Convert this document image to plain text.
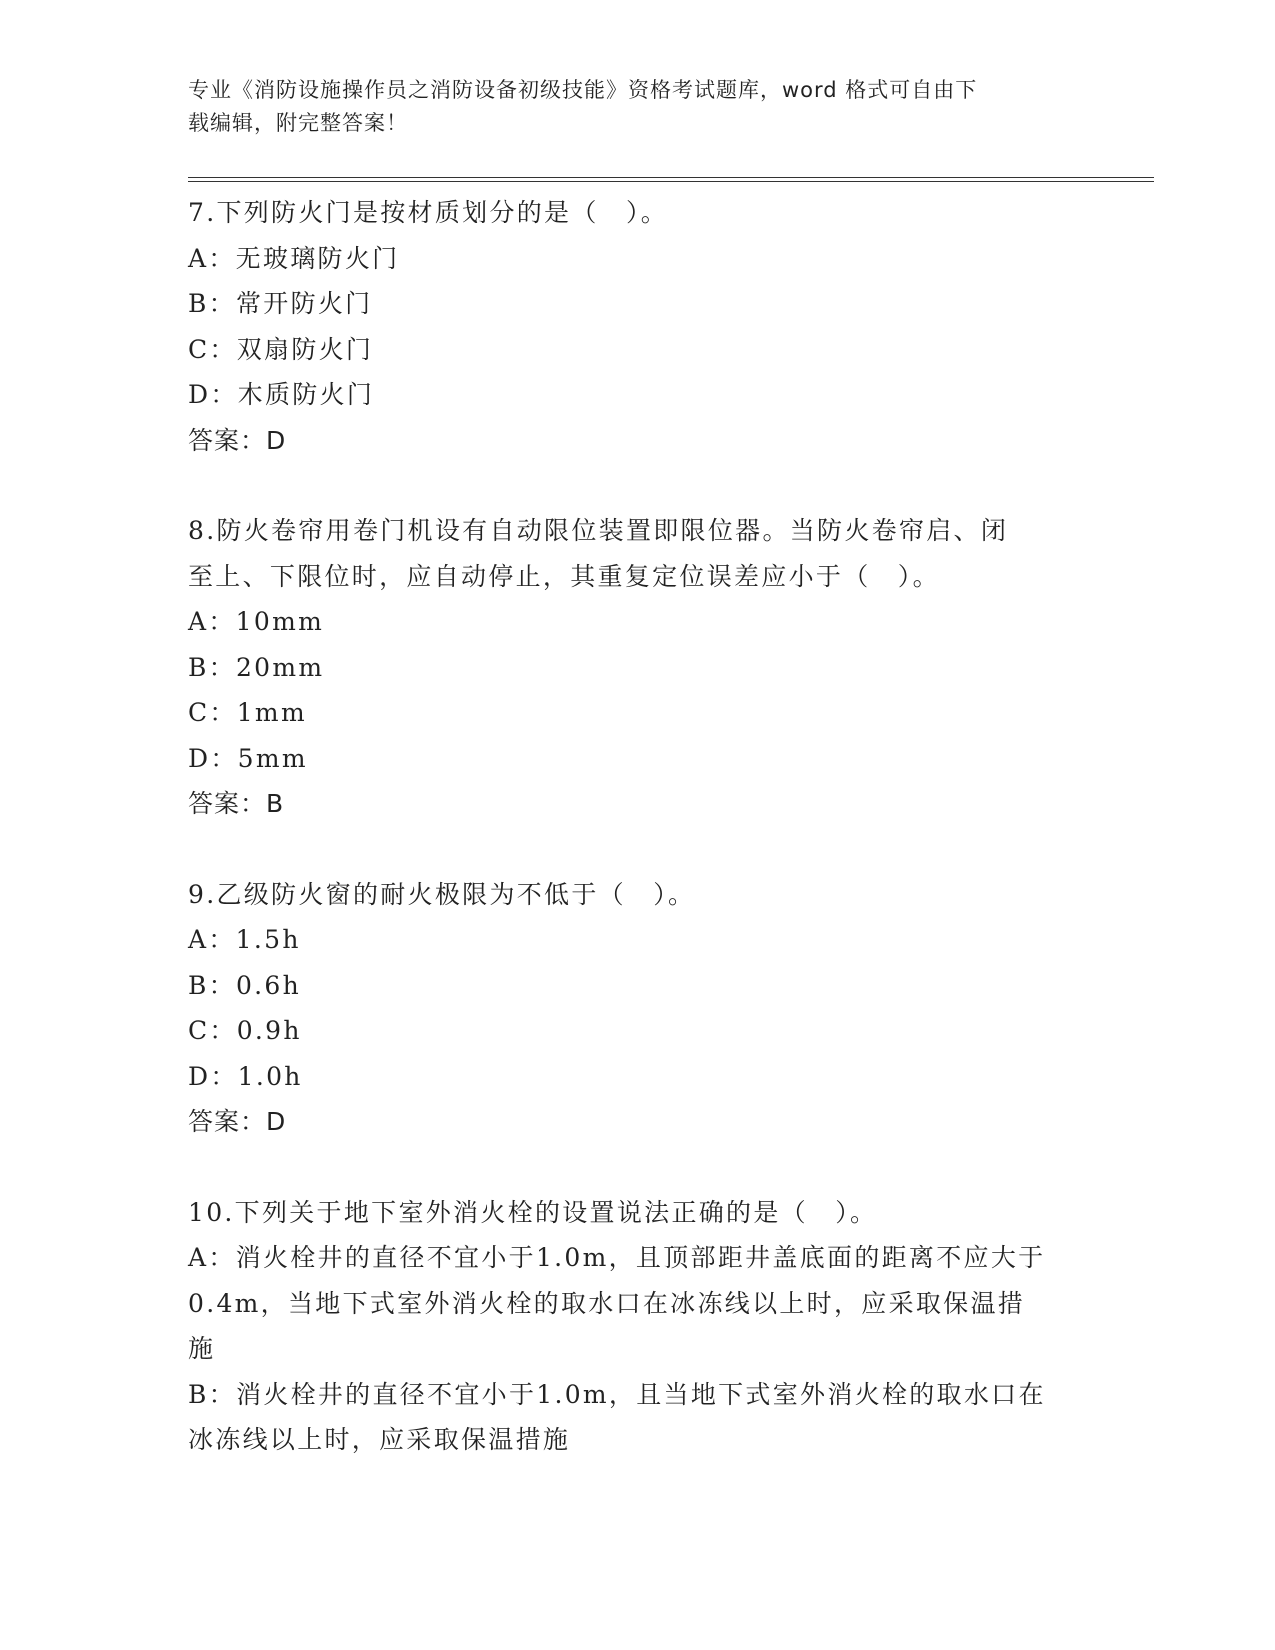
专业《消防设施操作员之消防设备初级技能》资格考试题库，word 格式可自由下
载编辑，附完整答案！
7.下列防火门是按材质划分的是（　）。
A：无玻璃防火门
B：常开防火门
C：双扇防火门
D：木质防火门
答案：D
8.防火卷帘用卷门机设有自动限位装置即限位器。当防火卷帘启、闭
至上、下限位时，应自动停止，其重复定位误差应小于（　）。
A：10mm
B：20mm
C：1mm
D：5mm
答案：B
9.乙级防火窗的耐火极限为不低于（　）。
A：1.5h
B：0.6h
C：0.9h
D：1.0h
答案：D
10.下列关于地下室外消火栓的设置说法正确的是（　）。
A：消火栓井的直径不宜小于1.0m，且顶部距井盖底面的距离不应大于
0.4m，当地下式室外消火栓的取水口在冰冻线以上时，应采取保温措
施
B：消火栓井的直径不宜小于1.0m，且当地下式室外消火栓的取水口在
冰冻线以上时，应采取保温措施
